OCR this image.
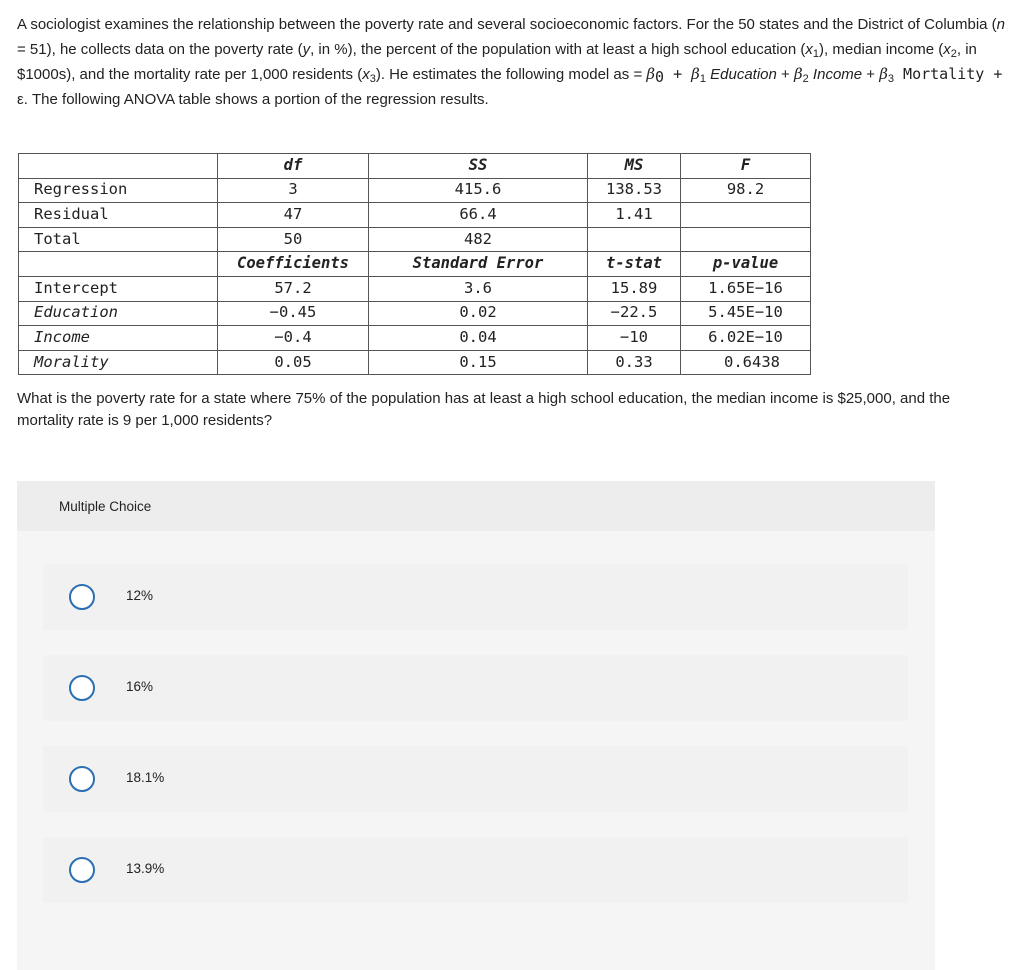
A sociologist examines the relationship between the poverty rate and several socioeconomic factors. For the 50 states and the District of Columbia (n = 51), he collects data on the poverty rate (y, in %), the percent of the population with at least a high school education $(x_1)$, median income ($x_2$, in $1000s), and the mortality rate per 1,000 residents $(x_3)$. He estimates the following model as = $\beta_0 + \beta_1$ Education + $\beta_2$ Income + $\beta_3$ Mortality + ε. The following ANOVA table shows a portion of the regression results.
	df	SS	MS	F
Regression	3	415.6	138.53	98.2
Residual	47	66.4	1.41	
Total	50	482		
	Coefficients	Standard Error	t-stat	p-value
Intercept	57.2	3.6	15.89	1.65E−16
Education	−0.45	0.02	−22.5	5.45E−10
Income	−0.4	0.04	−10	6.02E−10
Morality	0.05	0.15	0.33	0.6438
What is the poverty rate for a state where 75% of the population has at least a high school education, the median income is $25,000, and the mortality rate is 9 per 1,000 residents?
Multiple Choice
12%
16%
18.1%
13.9%
